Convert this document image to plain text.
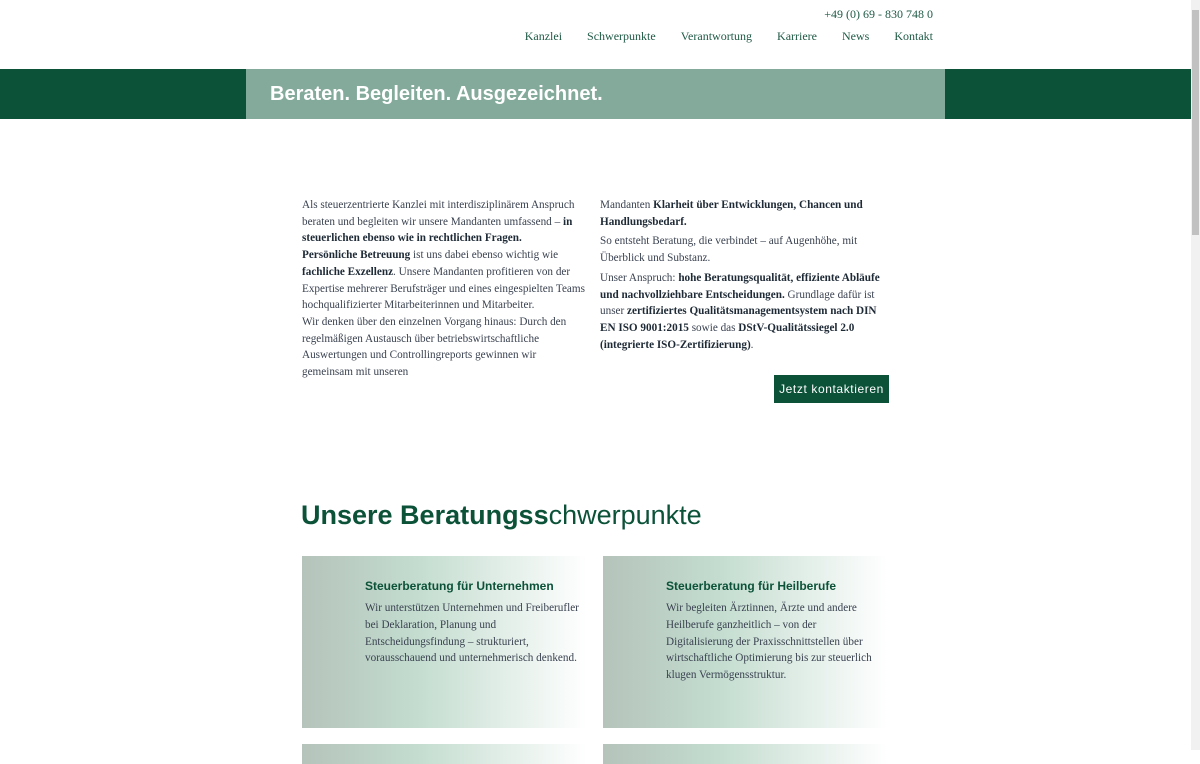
+49 (0) 69 - 830 748 0
Kanzlei Schwerpunkte Verantwortung Karriere News Kontakt
Beraten. Begleiten. Ausgezeichnet.
Als steuerzentrierte Kanzlei mit interdisziplinärem Anspruch beraten und begleiten wir unsere Mandanten umfassend – in steuerlichen ebenso wie in rechtlichen Fragen.
Persönliche Betreuung ist uns dabei ebenso wichtig wie fachliche Exzellenz. Unsere Mandanten profitieren von der Expertise mehrerer Berufsträger und eines eingespielten Teams hochqualifizierter Mitarbeiterinnen und Mitarbeiter.
Wir denken über den einzelnen Vorgang hinaus: Durch den regelmäßigen Austausch über betriebswirtschaftliche Auswertungen und Controllingreports gewinnen wir gemeinsam mit unseren

Mandanten Klarheit über Entwicklungen, Chancen und Handlungsbedarf.

So entsteht Beratung, die verbindet – auf Augenhöhe, mit Überblick und Substanz.

Unser Anspruch: hohe Beratungsqualität, effiziente Abläufe und nachvollziehbare Entscheidungen. Grundlage dafür ist unser zertifiziertes Qualitätsmanagementsystem nach DIN EN ISO 9001:2015 sowie das DStV-Qualitätssiegel 2.0 (integrierte ISO-Zertifizierung).

Jetzt kontaktieren
Unsere Beratungsschwerpunkte
Steuerberatung für Unternehmen

Wir unterstützen Unternehmen und Freiberufler bei Deklaration, Planung und Entscheidungsfindung – strukturiert, vorausschauend und unternehmerisch denkend.

Steuerberatung für Heilberufe

Wir begleiten Ärztinnen, Ärzte und andere Heilberufe ganzheitlich – von der Digitalisierung der Praxisschnittstellen über wirtschaftliche Optimierung bis zur steuerlich klugen Vermögensstruktur.
